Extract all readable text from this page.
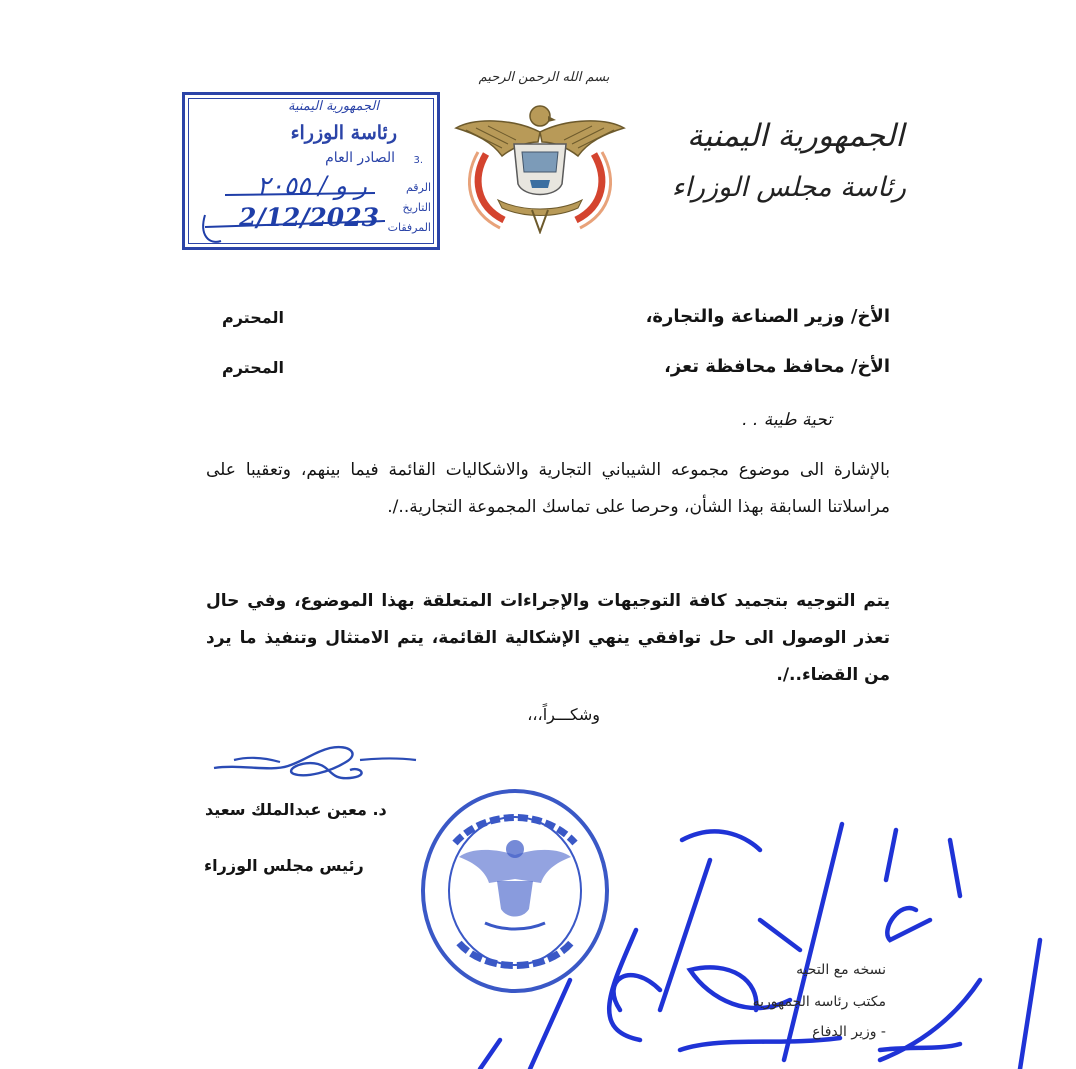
بسم الله الرحمن الرحيم
الجمهورية اليمنية
رئاسة مجلس الوزراء
الجمهورية اليمنية
رئاسة الوزراء
الصادر العام 3.
الرقم
التاريخ
المرفقات
ر و / ٢٠٥٥
2/12/2023
الأخ/ وزير الصناعة والتجارة،
المحترم
الأخ/ محافظ محافظة تعز،
المحترم
تحية طيبة . .
بالإشارة الى موضوع مجموعه الشيباني التجارية والاشكاليات القائمة فيما بينهم، وتعقيبا على مراسلاتنا السابقة بهذا الشأن، وحرصا على تماسك المجموعة التجارية../.
يتم التوجيه بتجميد كافة التوجيهات والإجراءات المتعلقة بهذا الموضوع، وفي حال تعذر الوصول الى حل توافقي ينهي الإشكالية القائمة، يتم الامتثال وتنفيذ ما يرد من القضاء../.
وشكـــراً،،،
د. معين عبدالملك سعيد
رئيس مجلس الوزراء
نسخه مع التحيه
مكتب رئاسه الجمهوريه
- وزير الدفاع
